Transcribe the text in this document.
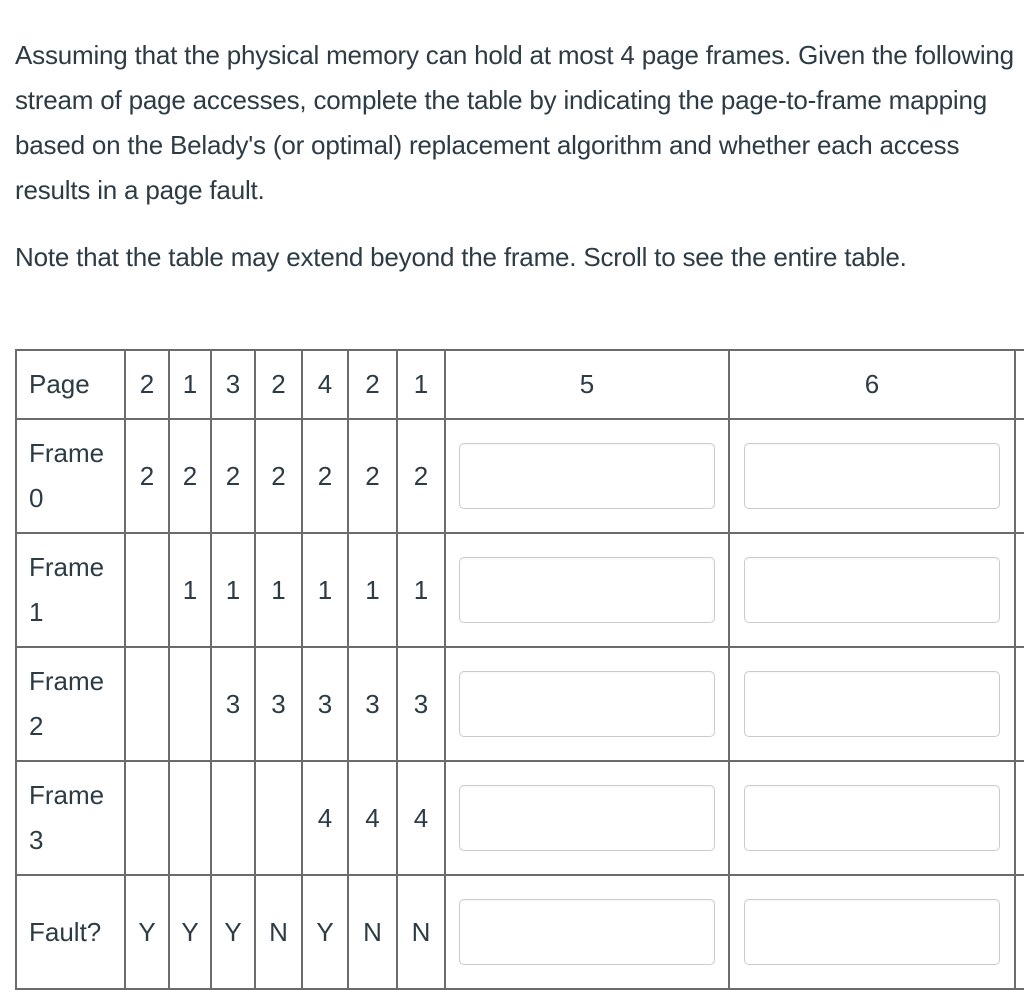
Assuming that the physical memory can hold at most 4 page frames. Given the following stream of page accesses, complete the table by indicating the page-to-frame mapping based on the Belady's (or optimal) replacement algorithm and whether each access results in a page fault.

Note that the table may extend beyond the frame. Scroll to see the entire table.

Page	2	1	3	2	4	2	1	5	6	
Frame 0	2	2	2	2	2	2	2	

Frame 1		1	1	1	1	1	1	

Frame 2			3	3	3	3	3	

Frame 3					4	4	4	

Fault?	Y	Y	Y	N	Y	N	N	
